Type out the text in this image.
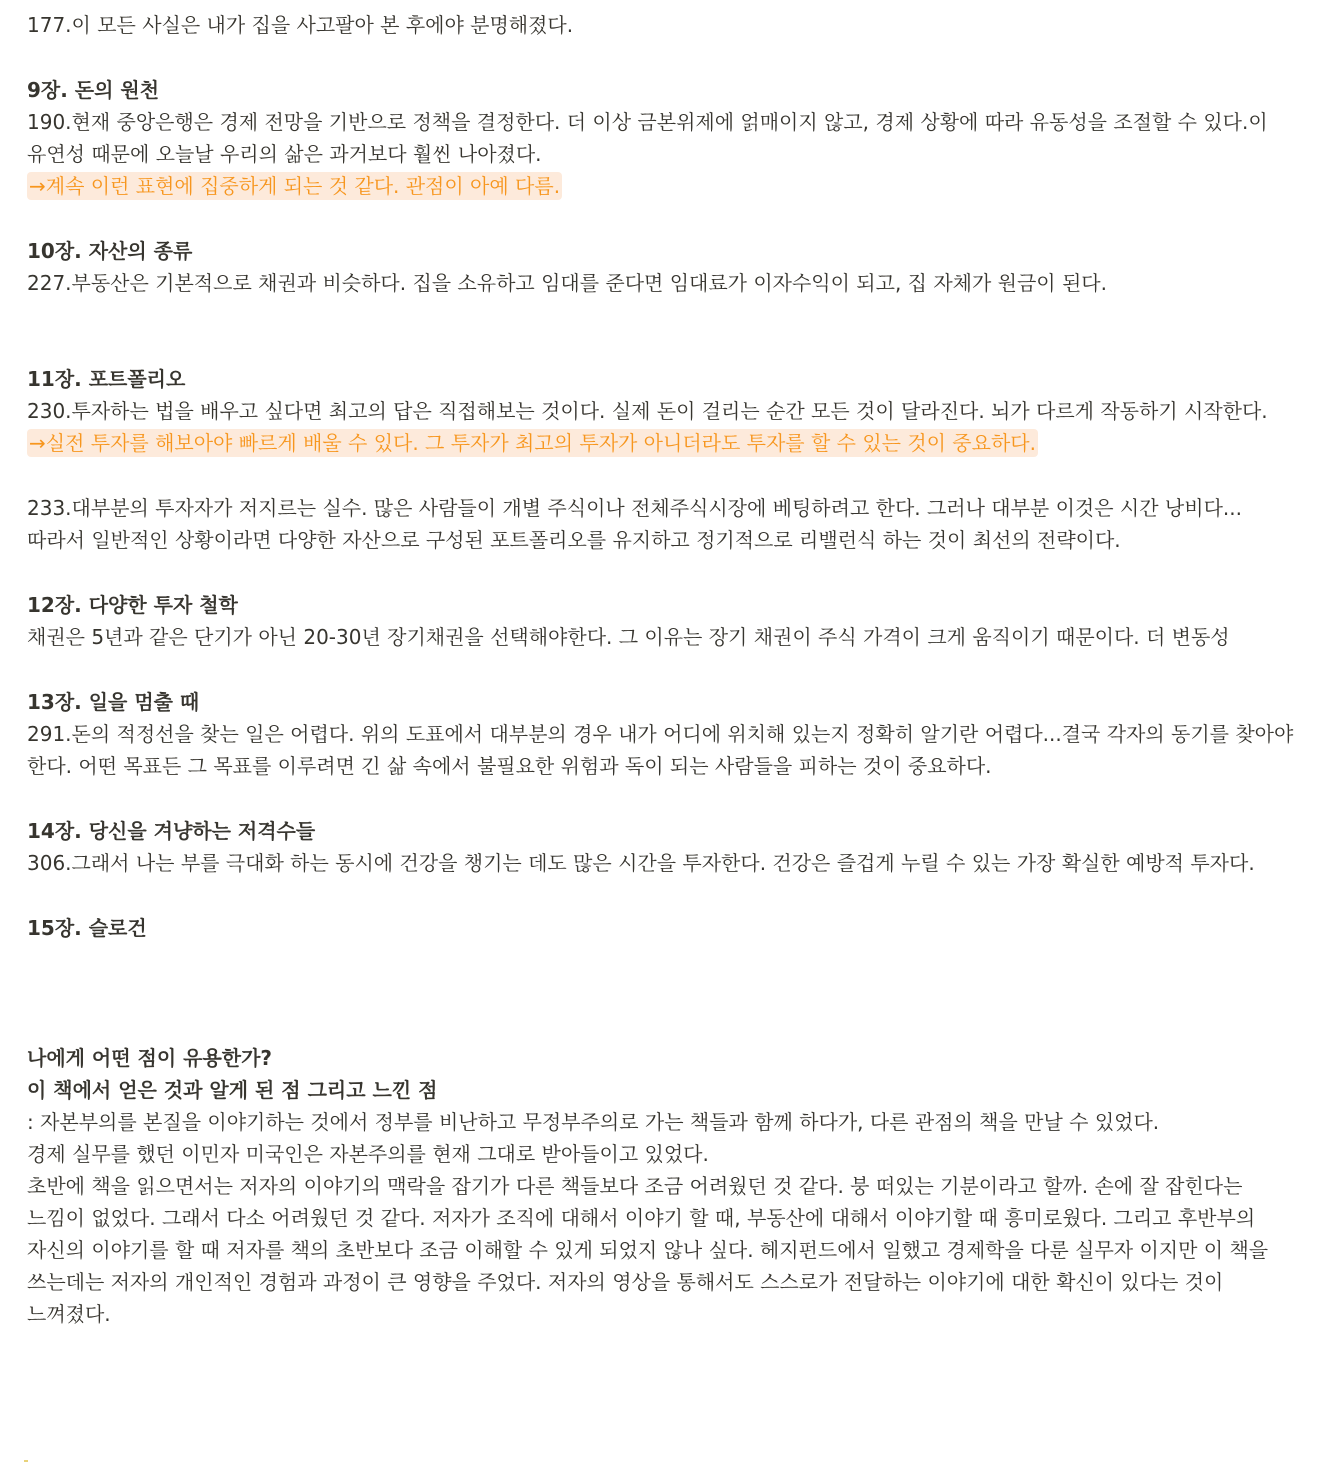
177.이 모든 사실은 내가 집을 사고팔아 본 후에야 분명해졌다.

9장. 돈의 원천

190.현재 중앙은행은 경제 전망을 기반으로 정책을 결정한다. 더 이상 금본위제에 얽매이지 않고, 경제 상황에 따라 유동성을 조절할 수 있다.이 유연성 때문에 오늘날 우리의 삶은 과거보다 훨씬 나아졌다.

→계속 이런 표현에 집중하게 되는 것 같다. 관점이 아예 다름.

10장. 자산의 종류

227.부동산은 기본적으로 채권과 비슷하다. 집을 소유하고 임대를 준다면 임대료가 이자수익이 되고, 집 자체가 원금이 된다.

11장. 포트폴리오

230.투자하는 법을 배우고 싶다면 최고의 답은 직접해보는 것이다. 실제 돈이 걸리는 순간 모든 것이 달라진다. 뇌가 다르게 작동하기 시작한다.

→실전 투자를 해보아야 빠르게 배울 수 있다. 그 투자가 최고의 투자가 아니더라도 투자를 할 수 있는 것이 중요하다.

233.대부분의 투자자가 저지르는 실수. 많은 사람들이 개별 주식이나 전체주식시장에 베팅하려고 한다. 그러나 대부분 이것은 시간 낭비다...따라서 일반적인 상황이라면 다양한 자산으로 구성된 포트폴리오를 유지하고 정기적으로 리밸런식 하는 것이 최선의 전략이다.

12장. 다양한 투자 철학

채권은 5년과 같은 단기가 아닌 20-30년 장기채권을 선택해야한다. 그 이유는 장기 채권이 주식 가격이 크게 움직이기 때문이다. 더 변동성

13장. 일을 멈출 때

291.돈의 적정선을 찾는 일은 어렵다. 위의 도표에서 대부분의 경우 내가 어디에 위치해 있는지 정확히 알기란 어렵다...결국 각자의 동기를 찾아야 한다. 어떤 목표든 그 목표를 이루려면 긴 삶 속에서 불필요한 위험과 독이 되는 사람들을 피하는 것이 중요하다.

14장. 당신을 겨냥하는 저격수들

306.그래서 나는 부를 극대화 하는 동시에 건강을 챙기는 데도 많은 시간을 투자한다. 건강은 즐겁게 누릴 수 있는 가장 확실한 예방적 투자다.

15장. 슬로건

나에게 어떤 점이 유용한가?

이 책에서 얻은 것과 알게 된 점 그리고 느낀 점

: 자본부의를 본질을 이야기하는 것에서 정부를 비난하고 무정부주의로 가는 책들과 함께 하다가, 다른 관점의 책을 만날 수 있었다.

경제 실무를 했던 이민자 미국인은 자본주의를 현재 그대로 받아들이고 있었다.

초반에 책을 읽으면서는 저자의 이야기의 맥락을 잡기가 다른 책들보다 조금 어려웠던 것 같다. 붕 떠있는 기분이라고 할까. 손에 잘 잡힌다는 느낌이 없었다. 그래서 다소 어려웠던 것 같다. 저자가 조직에 대해서 이야기 할 때, 부동산에 대해서 이야기할 때 흥미로웠다. 그리고 후반부의 자신의 이야기를 할 때 저자를 책의 초반보다 조금 이해할 수 있게 되었지 않나 싶다. 헤지펀드에서 일했고 경제학을 다룬 실무자 이지만 이 책을 쓰는데는 저자의 개인적인 경험과 과정이 큰 영향을 주었다. 저자의 영상을 통해서도 스스로가 전달하는 이야기에 대한 확신이 있다는 것이 느껴졌다.
